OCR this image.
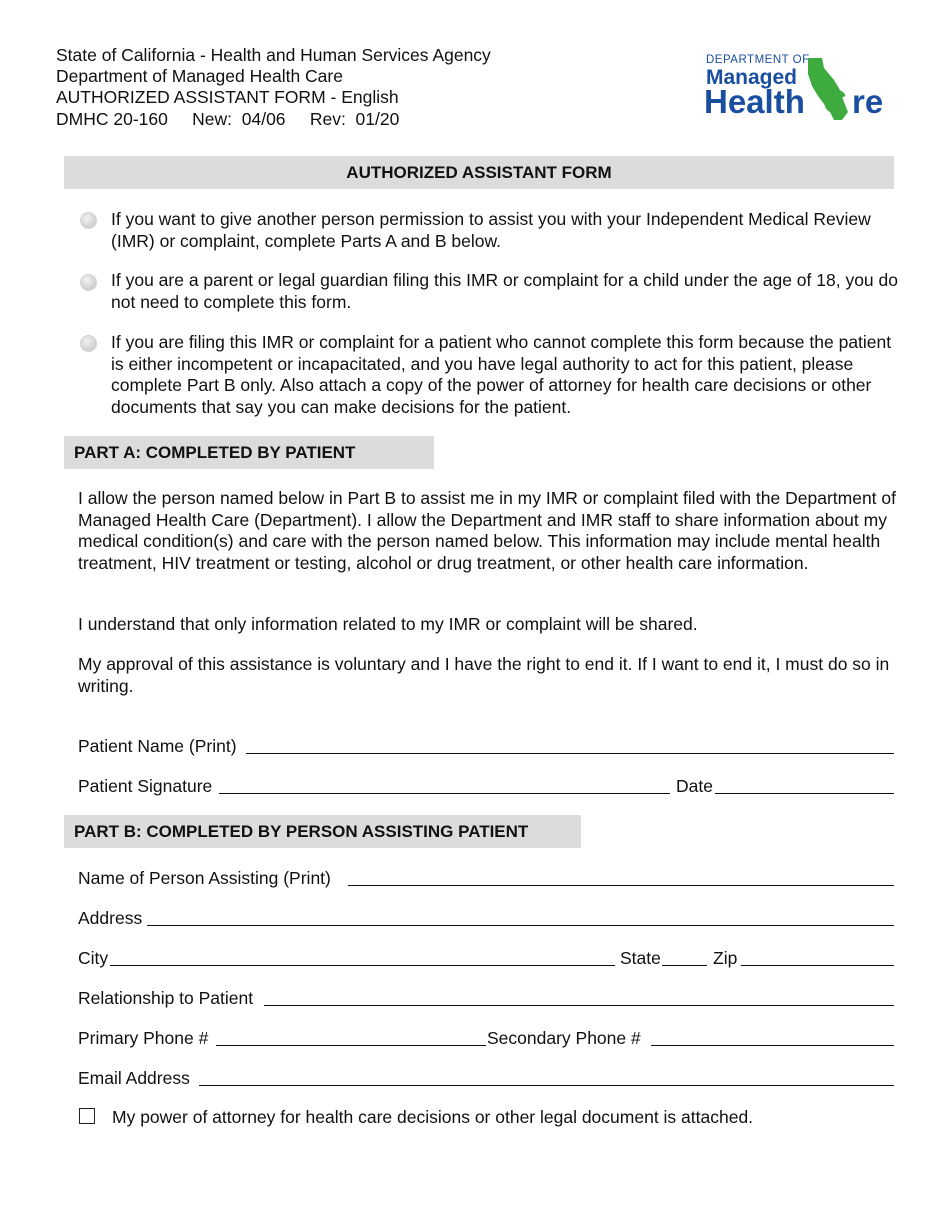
State of California - Health and Human Services Agency
Department of Managed Health Care
AUTHORIZED ASSISTANT FORM - English
DMHC 20-160     New:  04/06     Rev:  01/20
DEPARTMENT OF
Managed
Health C re
AUTHORIZED ASSISTANT FORM
If you want to give another person permission to assist you with your Independent Medical Review (IMR) or complaint, complete Parts A and B below.
If you are a parent or legal guardian filing this IMR or complaint for a child under the age of 18, you do not need to complete this form.
If you are filing this IMR or complaint for a patient who cannot complete this form because the patient is either incompetent or incapacitated, and you have legal authority to act for this patient, please complete Part B only. Also attach a copy of the power of attorney for health care decisions or other documents that say you can make decisions for the patient.
PART A: COMPLETED BY PATIENT
I allow the person named below in Part B to assist me in my IMR or complaint filed with the Department of Managed Health Care (Department). I allow the Department and IMR staff to share information about my medical condition(s) and care with the person named below. This information may include mental health treatment, HIV treatment or testing, alcohol or drug treatment, or other health care information.
I understand that only information related to my IMR or complaint will be shared.
My approval of this assistance is voluntary and I have the right to end it. If I want to end it, I must do so in writing.
Patient Name (Print)
Patient Signature	Date
PART B: COMPLETED BY PERSON ASSISTING PATIENT
Name of Person Assisting (Print)
Address
City	State	Zip
Relationship to Patient
Primary Phone #	Secondary Phone #
Email Address
My power of attorney for health care decisions or other legal document is attached.
